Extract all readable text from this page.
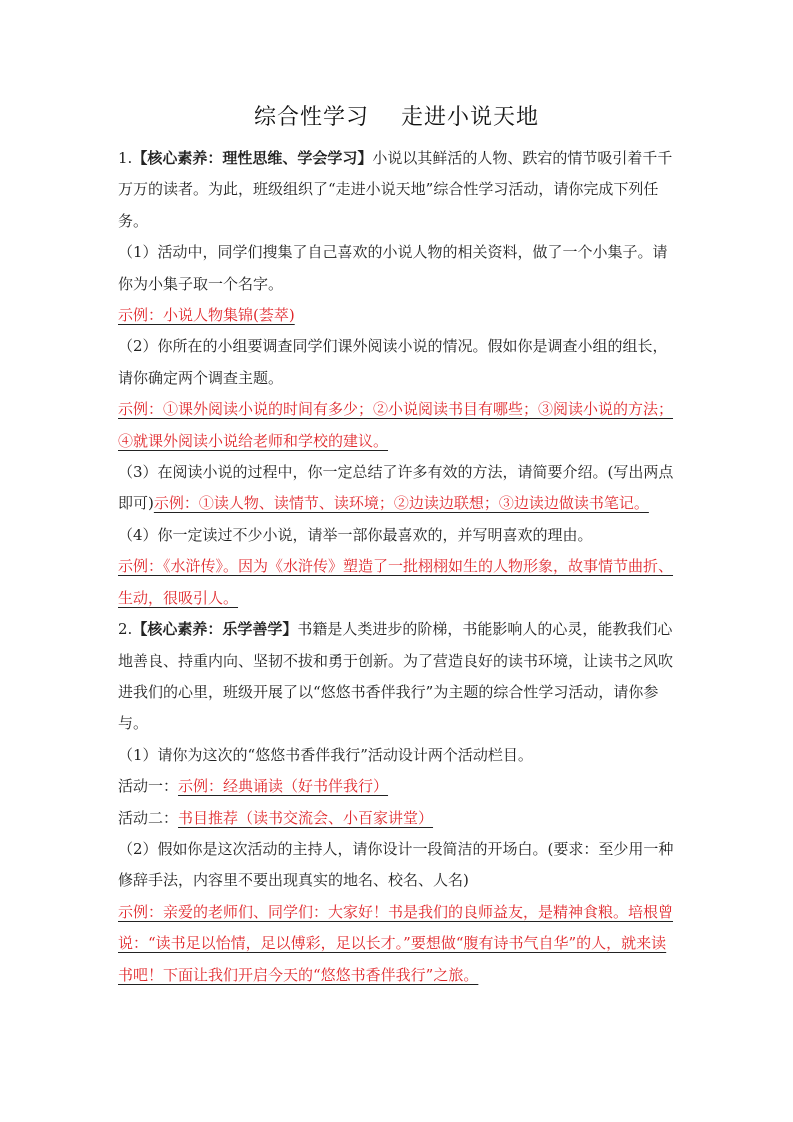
综合性学习    走进小说天地

1.【核心素养：理性思维、学会学习】小说以其鲜活的人物、跌宕的情节吸引着千千万万的读者。为此，班级组织了“走进小说天地”综合性学习活动，请你完成下列任务。

（1）活动中，同学们搜集了自己喜欢的小说人物的相关资料，做了一个小集子。请你为小集子取一个名字。

示例：小说人物集锦(荟萃)

（2）你所在的小组要调查同学们课外阅读小说的情况。假如你是调查小组的组长，请你确定两个调查主题。

示例：①课外阅读小说的时间有多少；②小说阅读书目有哪些；③阅读小说的方法；④就课外阅读小说给老师和学校的建议。

（3）在阅读小说的过程中，你一定总结了许多有效的方法，请简要介绍。(写出两点即可)示例：①读人物、读情节、读环境；②边读边联想；③边读边做读书笔记。

（4）你一定读过不少小说，请举一部你最喜欢的，并写明喜欢的理由。

示例：《水浒传》。因为《水浒传》塑造了一批栩栩如生的人物形象，故事情节曲折、生动，很吸引人。

2.【核心素养：乐学善学】书籍是人类进步的阶梯，书能影响人的心灵，能教我们心地善良、持重内向、坚韧不拔和勇于创新。为了营造良好的读书环境，让读书之风吹进我们的心里，班级开展了以“悠悠书香伴我行”为主题的综合性学习活动，请你参与。

（1）请你为这次的“悠悠书香伴我行”活动设计两个活动栏目。

活动一：示例：经典诵读（好书伴我行）

活动二：书目推荐（读书交流会、小百家讲堂）

（2）假如你是这次活动的主持人，请你设计一段简洁的开场白。(要求：至少用一种修辞手法，内容里不要出现真实的地名、校名、人名)

示例：亲爱的老师们、同学们：大家好！书是我们的良师益友，是精神食粮。培根曾说：“读书足以怡情，足以傅彩，足以长才。”要想做“腹有诗书气自华”的人，就来读书吧！下面让我们开启今天的“悠悠书香伴我行”之旅。
